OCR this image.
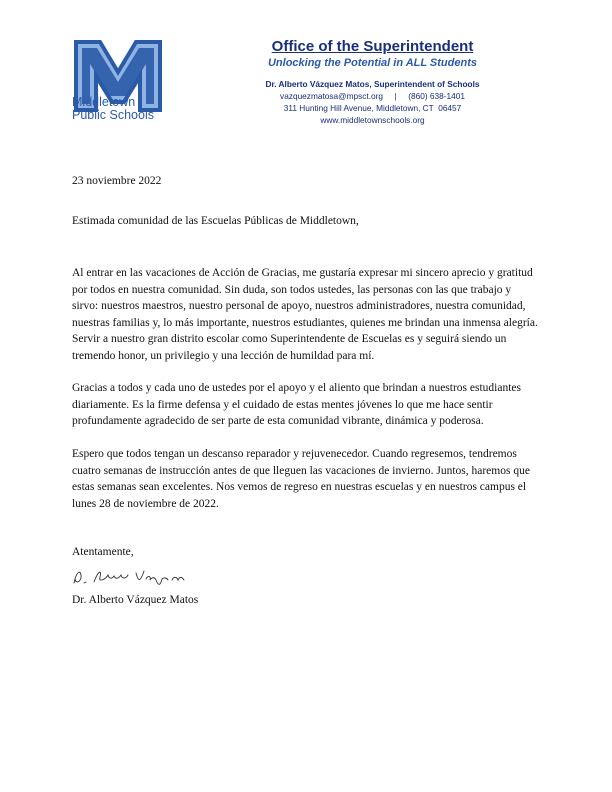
Middletown
Public Schools
Office of the Superintendent
Unlocking the Potential in ALL Students
Dr. Alberto Vázquez Matos, Superintendent of Schools
vazquezmatosa@mpsct.org     |     (860) 638-1401
311 Hunting Hill Avenue, Middletown, CT  06457
www.middletownschools.org

23 noviembre 2022

Estimada comunidad de las Escuelas Públicas de Middletown,

Al entrar en las vacaciones de Acción de Gracias, me gustaría expresar mi sincero aprecio y gratitud por todos en nuestra comunidad. Sin duda, son todos ustedes, las personas con las que trabajo y sirvo: nuestros maestros, nuestro personal de apoyo, nuestros administradores, nuestra comunidad, nuestras familias y, lo más importante, nuestros estudiantes, quienes me brindan una inmensa alegría. Servir a nuestro gran distrito escolar como Superintendente de Escuelas es y seguirá siendo un tremendo honor, un privilegio y una lección de humildad para mí.

Gracias a todos y cada uno de ustedes por el apoyo y el aliento que brindan a nuestros estudiantes diariamente. Es la firme defensa y el cuidado de estas mentes jóvenes lo que me hace sentir profundamente agradecido de ser parte de esta comunidad vibrante, dinámica y poderosa.

Espero que todos tengan un descanso reparador y rejuvenecedor. Cuando regresemos, tendremos cuatro semanas de instrucción antes de que lleguen las vacaciones de invierno. Juntos, haremos que estas semanas sean excelentes. Nos vemos de regreso en nuestras escuelas y en nuestros campus el lunes 28 de noviembre de 2022.

Atentamente,

Dr. Alberto Vázquez Matos
